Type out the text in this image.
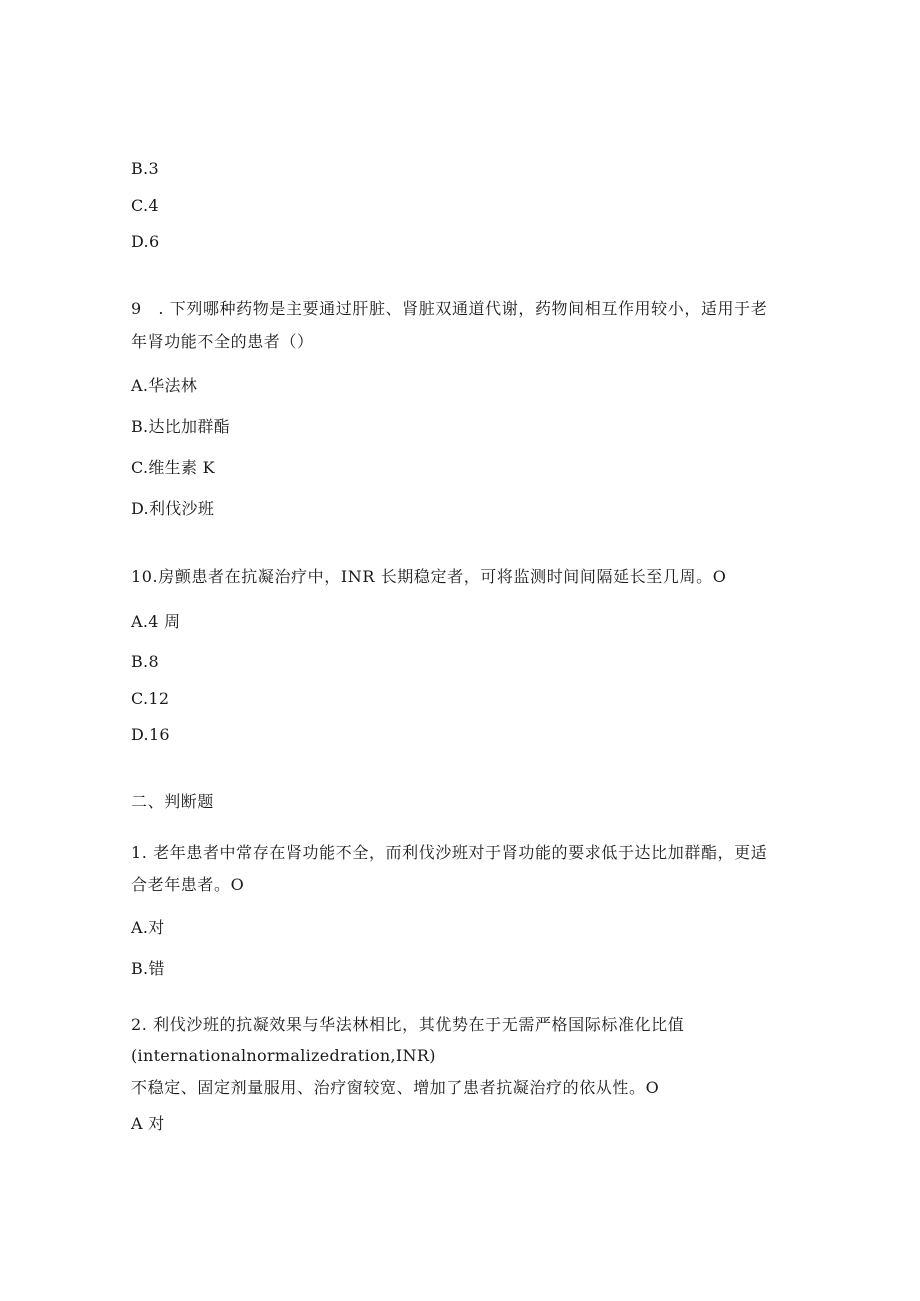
B.3
C.4
D.6
9　. 下列哪种药物是主要通过肝脏、肾脏双通道代谢，药物间相互作用较小，适用于老
年肾功能不全的患者（）
A.华法林
B.达比加群酯
C.维生素 K
D.利伐沙班
10.房颤患者在抗凝治疗中，INR 长期稳定者，可将监测时间间隔延长至几周。O
A.4 周
B.8
C.12
D.16
二、判断题
1. 老年患者中常存在肾功能不全，而利伐沙班对于肾功能的要求低于达比加群酯，更适
合老年患者。O
A.对
B.错
2. 利伐沙班的抗凝效果与华法林相比，其优势在于无需严格国际标准化比值
(internationalnormalizedration,INR)
不稳定、固定剂量服用、治疗窗较宽、增加了患者抗凝治疗的依从性。O
A 对
